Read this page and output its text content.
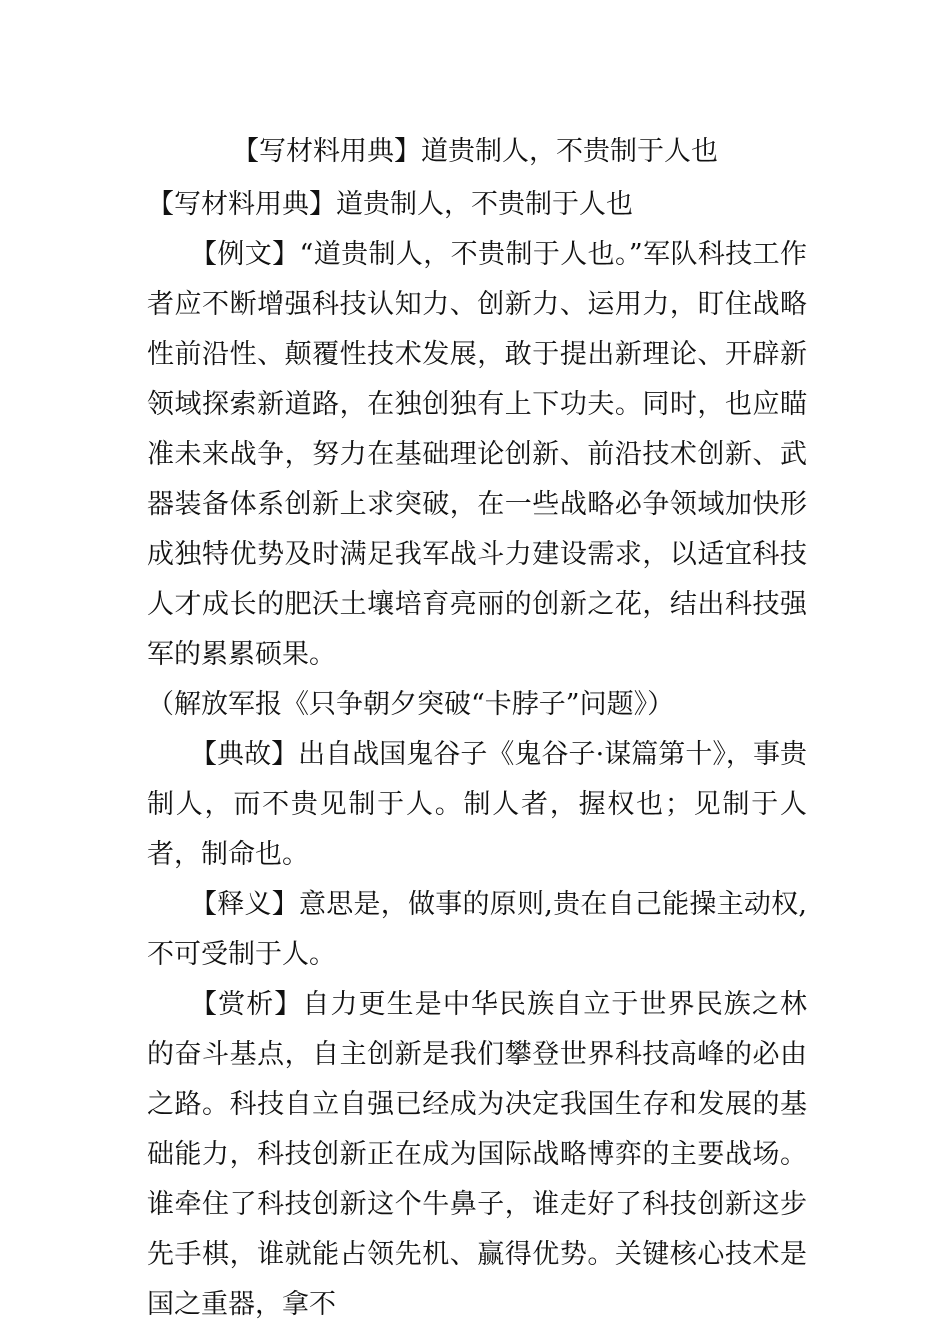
【写材料用典】道贵制人，不贵制于人也

【写材料用典】道贵制人，不贵制于人也

【例文】“道贵制人，不贵制于人也。”军队科技工作者应不断增强科技认知力、创新力、运用力，盯住战略性前沿性、颠覆性技术发展，敢于提出新理论、开辟新领域探索新道路，在独创独有上下功夫。同时，也应瞄准未来战争，努力在基础理论创新、前沿技术创新、武器装备体系创新上求突破，在一些战略必争领域加快形成独特优势及时满足我军战斗力建设需求，以适宜科技人才成长的肥沃土壤培育亮丽的创新之花，结出科技强军的累累硕果。

（解放军报《只争朝夕突破“卡脖子”问题》）

【典故】出自战国鬼谷子《鬼谷子·谋篇第十》，事贵制人，而不贵见制于人。制人者，握权也；见制于人者，制命也。

【释义】意思是，做事的原则,贵在自己能操主动权,不可受制于人。

【赏析】自力更生是中华民族自立于世界民族之林的奋斗基点，自主创新是我们攀登世界科技高峰的必由之路。科技自立自强已经成为决定我国生存和发展的基础能力，科技创新正在成为国际战略博弈的主要战场。谁牵住了科技创新这个牛鼻子，谁走好了科技创新这步先手棋，谁就能占领先机、赢得优势。关键核心技术是国之重器，拿不
